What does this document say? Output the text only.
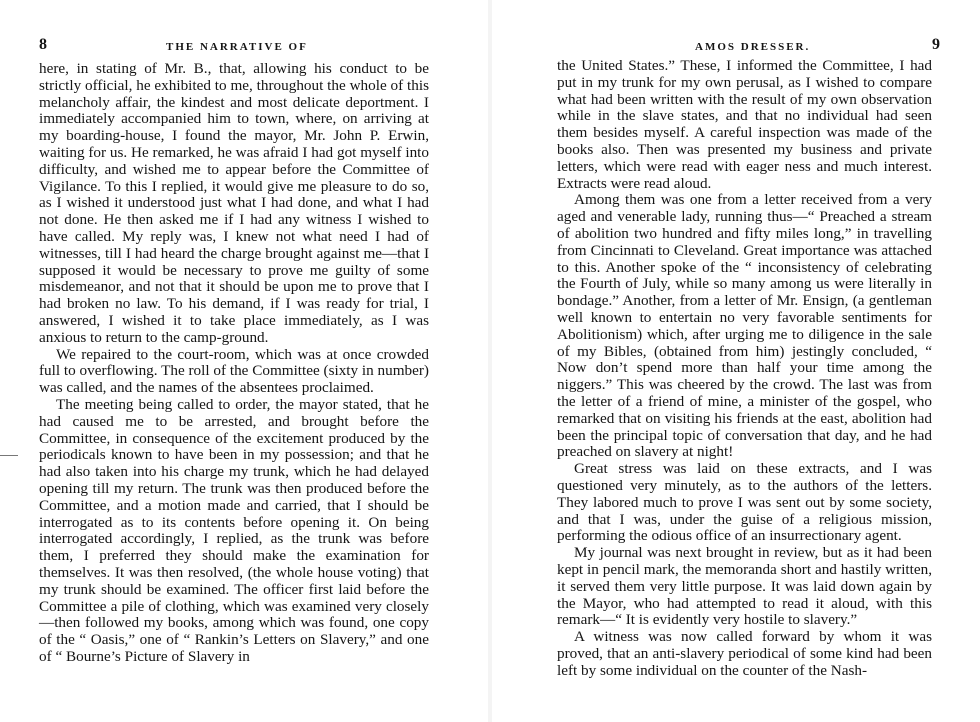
8	THE NARRATIVE OF

here, in stating of Mr. B., that, allowing his conduct to be strictly official, he exhibited to me, throughout the whole of this melancholy affair, the kindest and most delicate deportment. I immediately accompanied him to town, where, on arriving at my boarding-house, I found the mayor, Mr. John P. Erwin, waiting for us. He remarked, he was afraid I had got myself into difficulty, and wished me to appear before the Committee of Vigilance. To this I replied, it would give me pleasure to do so, as I wished it understood just what I had done, and what I had not done. He then asked me if I had any witness I wished to have called. My reply was, I knew not what need I had of witnesses, till I had heard the charge brought against me—that I supposed it would be necessary to prove me guilty of some misdemeanor, and not that it should be upon me to prove that I had broken no law. To his demand, if I was ready for trial, I answered, I wished it to take place immediately, as I was anxious to return to the camp-ground.

We repaired to the court-room, which was at once crowded full to overflowing. The roll of the Committee (sixty in number) was called, and the names of the absentees proclaimed.

The meeting being called to order, the mayor stated, that he had caused me to be arrested, and brought before the Committee, in consequence of the excitement produced by the periodicals known to have been in my possession; and that he had also taken into his charge my trunk, which he had delayed opening till my return. The trunk was then produced before the Committee, and a motion made and carried, that I should be interrogated as to its contents before opening it. On being interrogated accordingly, I replied, as the trunk was before them, I preferred they should make the examination for themselves. It was then resolved, (the whole house voting) that my trunk should be examined. The officer first laid before the Committee a pile of clothing, which was examined very closely—then followed my books, among which was found, one copy of the “ Oasis,” one of “ Rankin’s Letters on Slavery,” and one of “ Bourne’s Picture of Slavery in

AMOS DRESSER.	9

the United States.” These, I informed the Committee, I had put in my trunk for my own perusal, as I wished to compare what had been written with the result of my own observation while in the slave states, and that no individual had seen them besides myself. A careful inspection was made of the books also. Then was presented my business and private letters, which were read with eager ness and much interest. Extracts were read aloud.

Among them was one from a letter received from a very aged and venerable lady, running thus—“ Preached a stream of abolition two hundred and fifty miles long,” in travelling from Cincinnati to Cleveland. Great importance was attached to this. Another spoke of the “ inconsistency of celebrating the Fourth of July, while so many among us were literally in bondage.” Another, from a letter of Mr. Ensign, (a gentleman well known to entertain no very favorable sentiments for Abolitionism) which, after urging me to diligence in the sale of my Bibles, (obtained from him) jestingly concluded, “ Now don’t spend more than half your time among the niggers.” This was cheered by the crowd. The last was from the letter of a friend of mine, a minister of the gospel, who remarked that on visiting his friends at the east, abolition had been the principal topic of conversation that day, and he had preached on slavery at night!

Great stress was laid on these extracts, and I was questioned very minutely, as to the authors of the letters. They labored much to prove I was sent out by some society, and that I was, under the guise of a religious mission, performing the odious office of an insurrectionary agent.

My journal was next brought in review, but as it had been kept in pencil mark, the memoranda short and hastily written, it served them very little purpose. It was laid down again by the Mayor, who had attempted to read it aloud, with this remark—“ It is evidently very hostile to slavery.”

A witness was now called forward by whom it was proved, that an anti-slavery periodical of some kind had been left by some individual on the counter of the Nash-
